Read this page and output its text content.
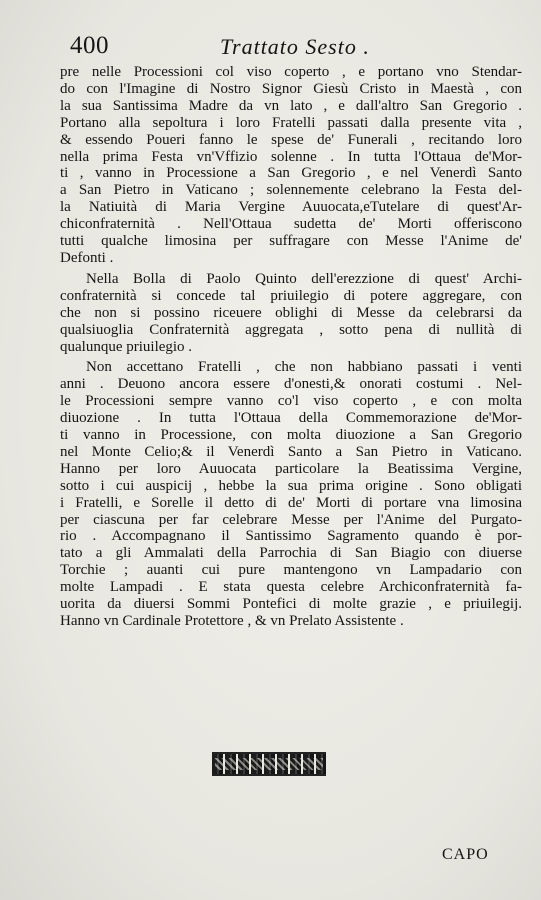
400	Trattato Sesto .
pre nelle Processioni col viso coperto , e portano vno Stendar-
do con l'Imagine di Nostro Signor Giesù Cristo in Maestà , con
la sua Santissima Madre da vn lato , e dall'altro San Gregorio .
Portano alla sepoltura i loro Fratelli passati dalla presente vita ,
& essendo Poueri fanno le spese de' Funerali , recitando loro
nella prima Festa vn'Vffizio solenne . In tutta l'Ottaua de'Mor-
ti , vanno in Processione a San Gregorio , e nel Venerdì Santo
a San Pietro in Vaticano ; solennemente celebrano la Festa del-
la Natiuità di Maria Vergine Auuocata,eTutelare di quest'Ar-
chiconfraternità . Nell'Ottaua sudetta de' Morti offeriscono
tutti qualche limosina per suffragare con Messe l'Anime de'
Defonti .
Nella Bolla di Paolo Quinto dell'erezzione di quest' Archi-
confraternità si concede tal priuilegio di potere aggregare, con
che non si possino riceuere oblighi di Messe da celebrarsi da
qualsiuoglia Confraternità aggregata , sotto pena di nullità di
qualunque priuilegio .
Non accettano Fratelli , che non habbiano passati i venti
anni . Deuono ancora essere d'onesti,& onorati costumi . Nel-
le Processioni sempre vanno co'l viso coperto , e con molta
diuozione . In tutta l'Ottaua della Commemorazione de'Mor-
ti vanno in Processione, con molta diuozione a San Gregorio
nel Monte Celio;& il Venerdì Santo a San Pietro in Vaticano.
Hanno per loro Auuocata particolare la Beatissima Vergine,
sotto i cui auspicij , hebbe la sua prima origine . Sono obligati
i Fratelli, e Sorelle il detto di de' Morti di portare vna limosina
per ciascuna per far celebrare Messe per l'Anime del Purgato-
rio . Accompagnano il Santissimo Sagramento quando è por-
tato a gli Ammalati della Parrochia di San Biagio con diuerse
Torchie ; auanti cui pure mantengono vn Lampadario con
molte Lampadi . E stata questa celebre Archiconfraternità fa-
uorita da diuersi Sommi Pontefici di molte grazie , e priuilegij.
Hanno vn Cardinale Protettore , & vn Prelato Assistente .
CAPO
